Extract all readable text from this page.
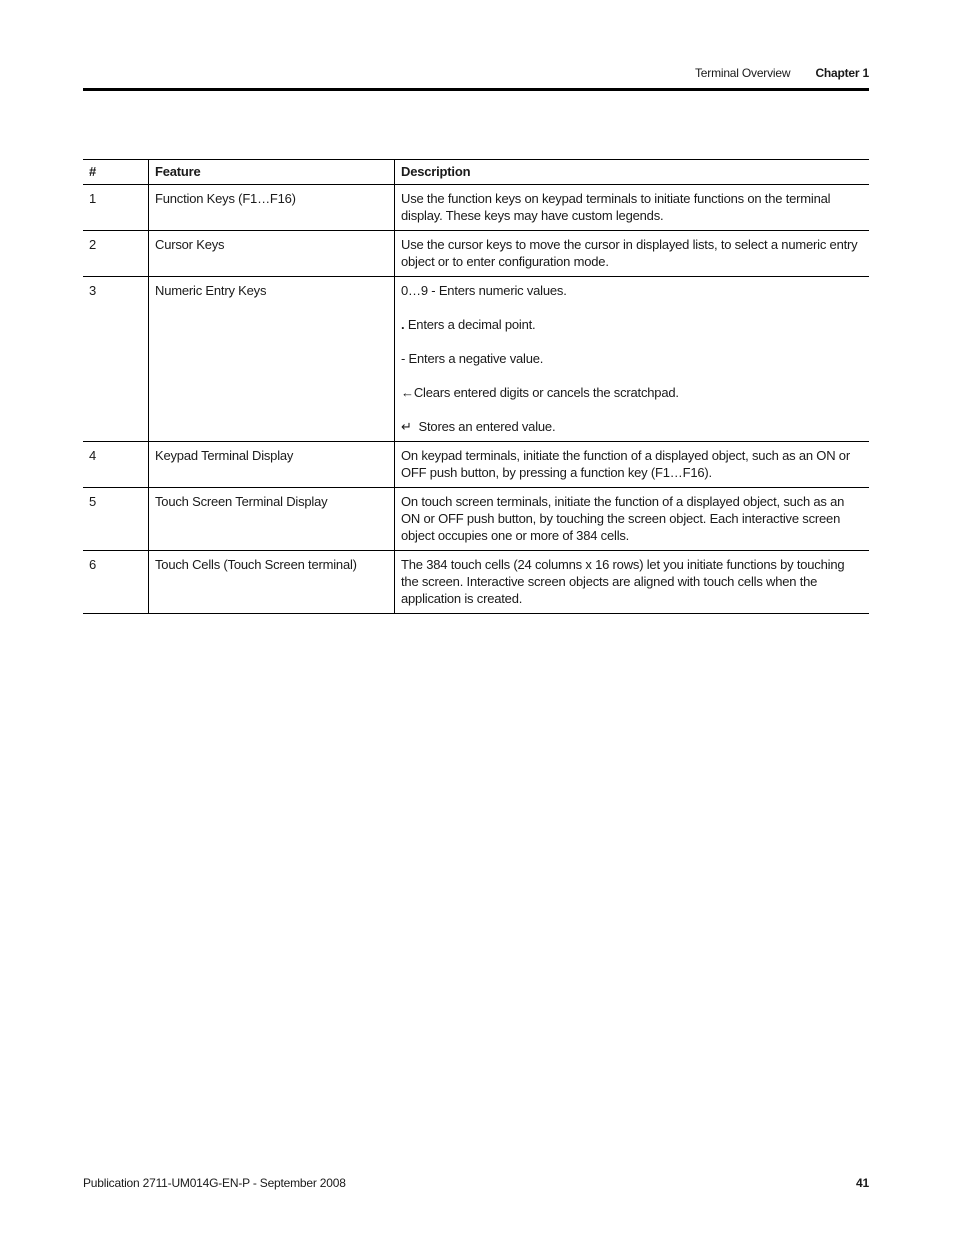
Terminal Overview Chapter 1
#	Feature	Description
1	Function Keys (F1…F16)	Use the function keys on keypad terminals to initiate functions on the terminal display. These keys may have custom legends.
2	Cursor Keys	Use the cursor keys to move the cursor in displayed lists, to select a numeric entry object or to enter configuration mode.
3	Numeric Entry Keys	0…9 - Enters numeric values.

. Enters a decimal point.

- Enters a negative value.

←Clears entered digits or cancels the scratchpad.

↵  Stores an entered value.

4	Keypad Terminal Display	On keypad terminals, initiate the function of a displayed object, such as an ON or OFF push button, by pressing a function key (F1…F16).
5	Touch Screen Terminal Display	On touch screen terminals, initiate the function of a displayed object, such as an ON or OFF push button, by touching the screen object. Each interactive screen object occupies one or more of 384 cells.
6	Touch Cells (Touch Screen terminal)	The 384 touch cells (24 columns x 16 rows) let you initiate functions by touching the screen. Interactive screen objects are aligned with touch cells when the application is created.
Publication 2711-UM014G-EN-P - September 2008	41
